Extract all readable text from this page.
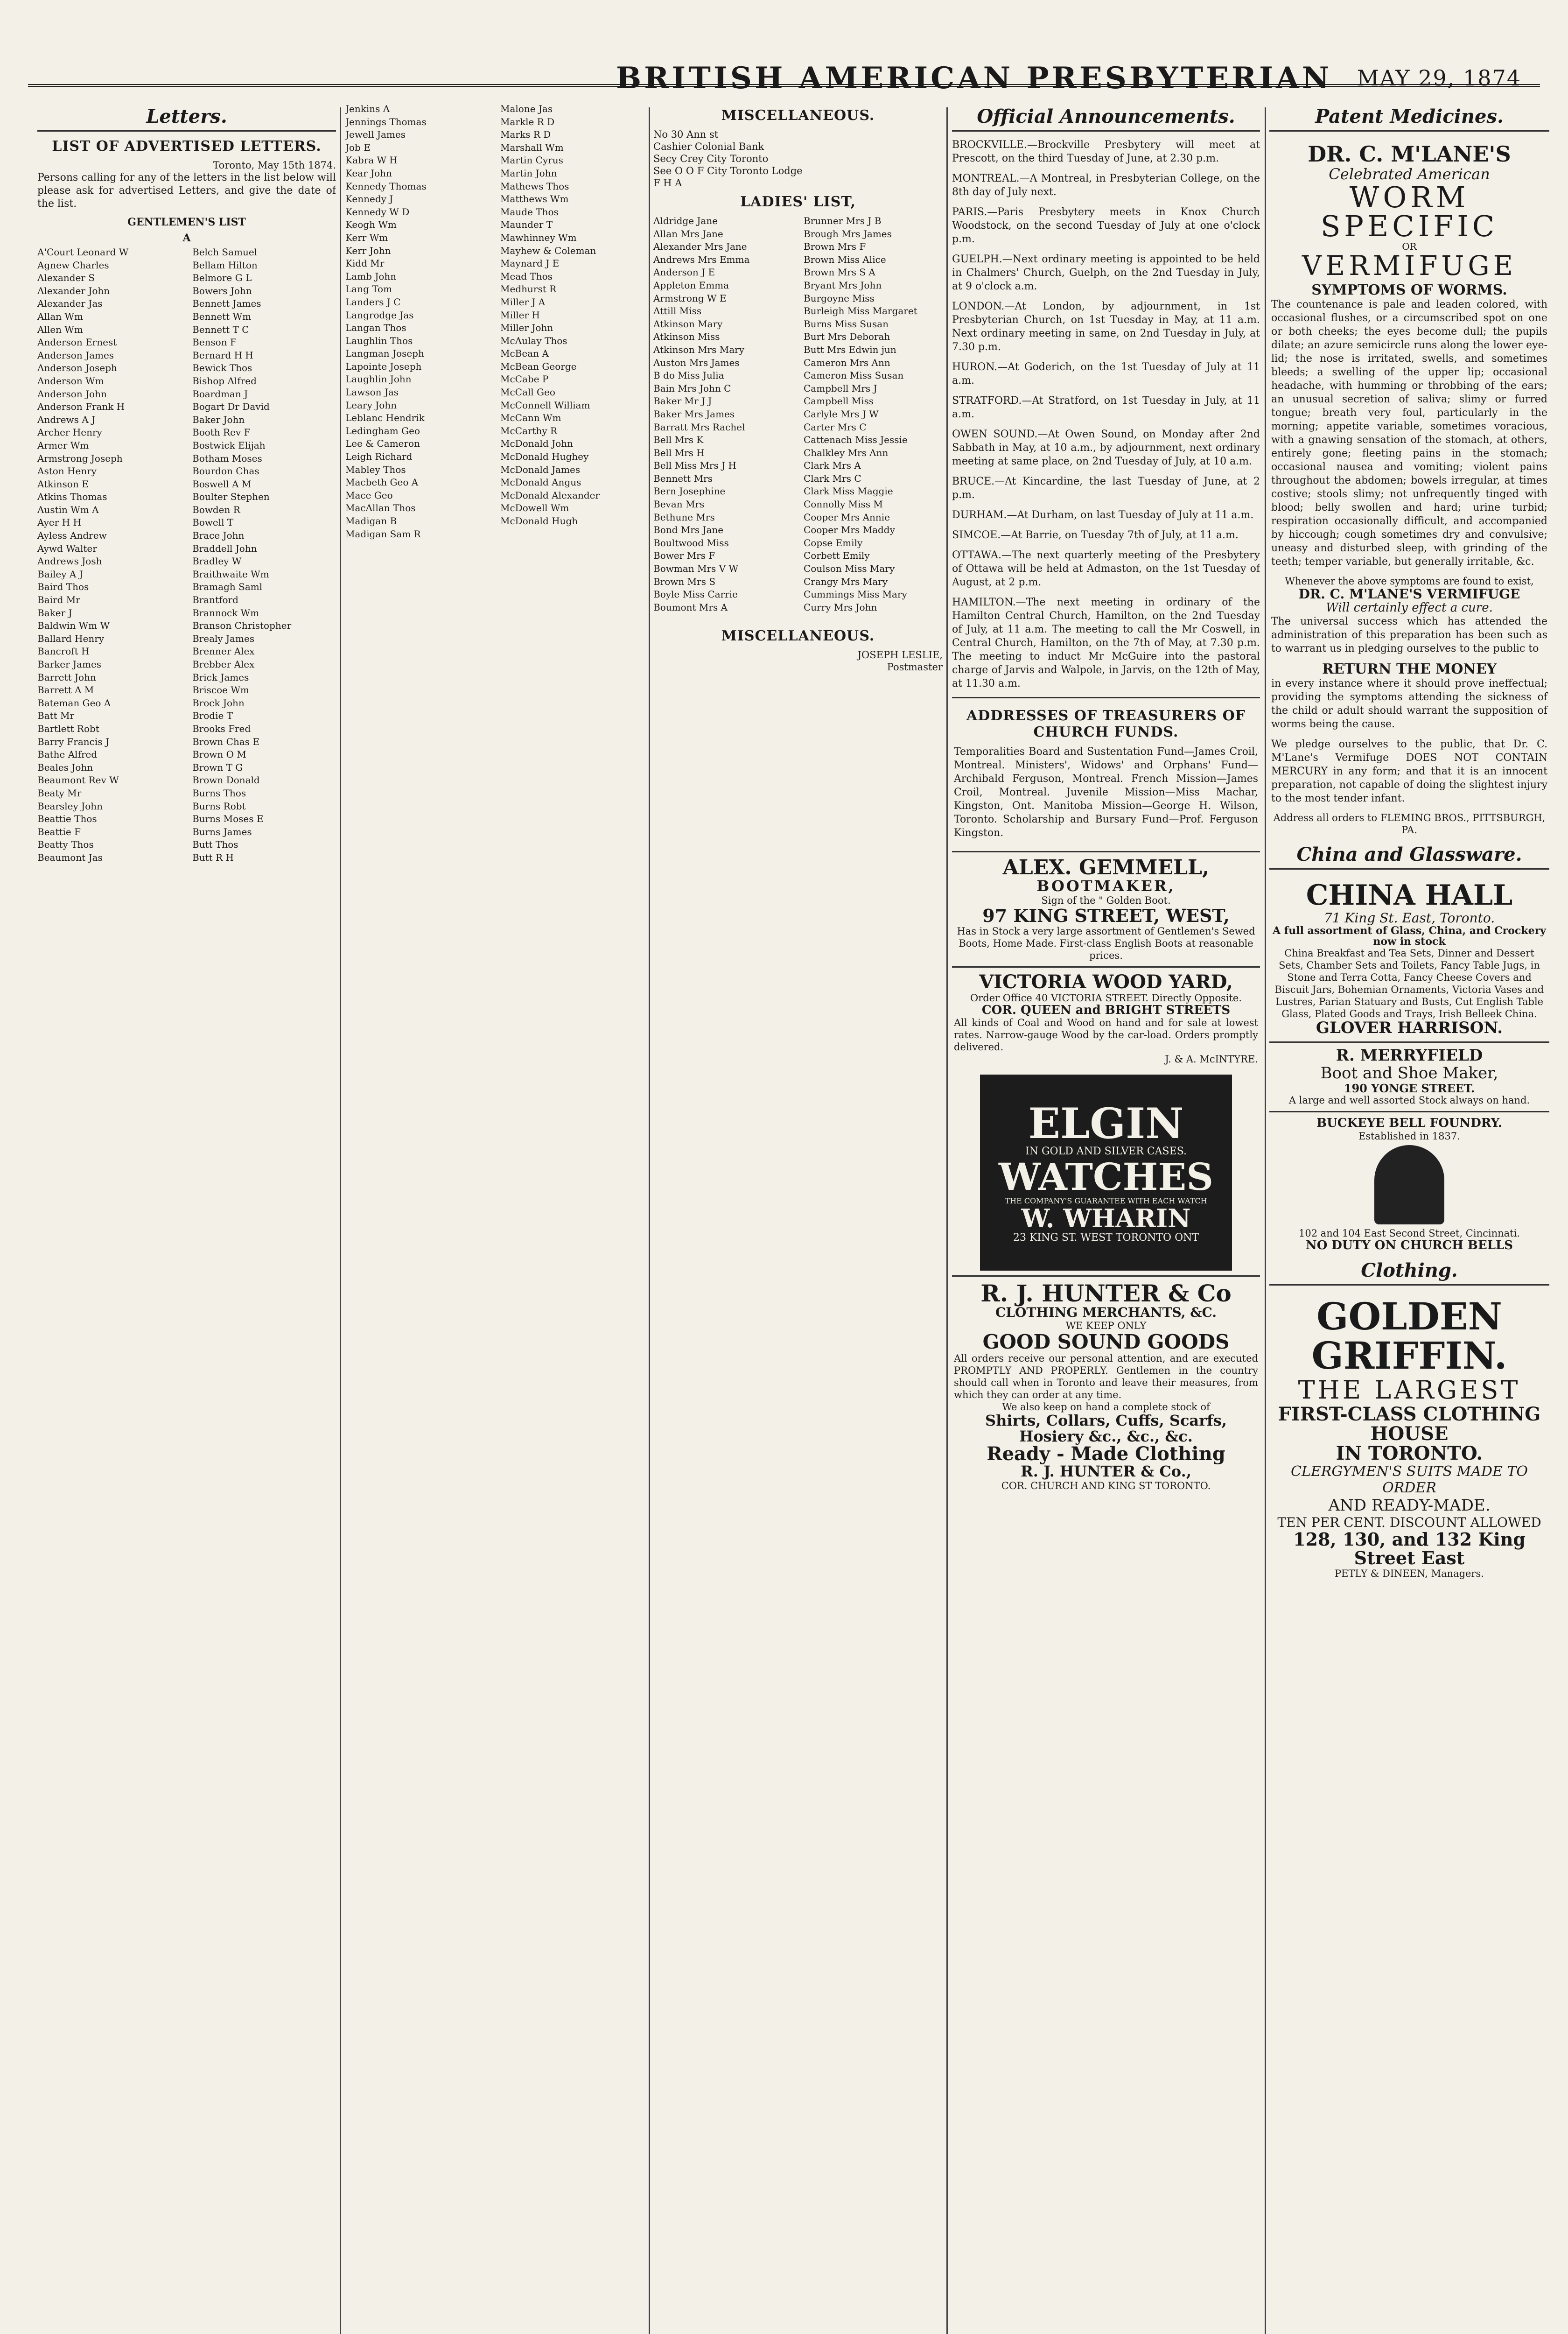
BRITISH AMERICAN PRESBYTERIAN MAY 29, 1874
Letters.
LIST OF ADVERTISED LETTERS.
Toronto, May 15th 1874.
Persons calling for any of the letters in the list below will please ask for advertised Letters, and give the date of the list.
GENTLEMEN'S LIST
A
A'Court Leonard W
Agnew Charles
Alexander S
Alexander John
Alexander Jas
Allan Wm
Allen Wm
Anderson Ernest
Anderson James
Anderson Joseph
Anderson Wm
Anderson John
Anderson Frank H
Andrews A J
Archer Henry
Armer Wm
Armstrong Joseph
Aston Henry
Atkinson E
Atkins Thomas
Austin Wm A
Ayer H H
Ayless Andrew
Aywd Walter
Andrews Josh
Bailey A J
Baird Thos
Baird Mr
Baker J
Baldwin Wm W
Ballard Henry
Bancroft H
Barker James
Barrett John
Barrett A M
Bateman Geo A
Batt Mr
Bartlett Robt
Barry Francis J
Bathe Alfred
Beales John
Beaumont Rev W
Beaty Mr
Bearsley John
Beattie Thos
Beattie F
Beatty Thos
Beaumont Jas
Belch Samuel
Bellam Hilton
Belmore G L
Bowers John
Bennett James
Bennett Wm
Bennett T C
Benson F
Bernard H H
Bewick Thos
Bishop Alfred
Boardman J
Bogart Dr David
Baker John
Booth Rev F
Bostwick Elijah
Botham Moses
Bourdon Chas
Boswell A M
Boulter Stephen
Bowden R
Bowell T
Brace John
Braddell John
Bradley W
Braithwaite Wm
Bramagh Saml
Brantford
Brannock Wm
Branson Christopher
Brealy James
Brenner Alex
Brebber Alex
Brick James
Briscoe Wm
Brock John
Brodie T
Brooks Fred
Brown Chas E
Brown O M
Brown T G
Brown Donald
Burns Thos
Burns Robt
Burns Moses E
Burns James
Butt Thos
Butt R H
Jenkins A
Jennings Thomas
Jewell James
Job E
Kabra W H
Kear John
Kennedy Thomas
Kennedy J
Kennedy W D
Keogh Wm
Kerr Wm
Kerr John
Kidd Mr
Lamb John
Lang Tom
Landers J C
Langrodge Jas
Langan Thos
Laughlin Thos
Langman Joseph
Lapointe Joseph
Laughlin John
Lawson Jas
Leary John
Leblanc Hendrik
Ledingham Geo
Lee & Cameron
Leigh Richard
Mabley Thos
Macbeth Geo A
Mace Geo
MacAllan Thos
Madigan B
Madigan Sam R
Malone Jas
Markle R D
Marks R D
Marshall Wm
Martin Cyrus
Martin John
Mathews Thos
Matthews Wm
Maude Thos
Maunder T
Mawhinney Wm
Mayhew & Coleman
Maynard J E
Mead Thos
Medhurst R
Miller J A
Miller H
Miller John
McAulay Thos
McBean A
McBean George
McCabe P
McCall Geo
McConnell William
McCann Wm
McCarthy R
McDonald John
McDonald Hughey
McDonald James
McDonald Angus
McDonald Alexander
McDowell Wm
McDonald Hugh
MISCELLANEOUS.
No 30 Ann st
Cashier Colonial Bank
Secy Crey City Toronto
See O O F City Toronto Lodge
F H A
LADIES' LIST,
Aldridge Jane
Allan Mrs Jane
Alexander Mrs Jane
Andrews Mrs Emma
Anderson J E
Appleton Emma
Armstrong W E
Attill Miss
Atkinson Mary
Atkinson Miss
Atkinson Mrs Mary
Auston Mrs James
B do Miss Julia
Bain Mrs John C
Baker Mr J J
Baker Mrs James
Barratt Mrs Rachel
Bell Mrs K
Bell Mrs H
Bell Miss Mrs J H
Bennett Mrs
Bern Josephine
Bevan Mrs
Bethune Mrs
Bond Mrs Jane
Boultwood Miss
Bower Mrs F
Bowman Mrs V W
Brown Mrs S
Boyle Miss Carrie
Boumont Mrs A
Brunner Mrs J B
Brough Mrs James
Brown Mrs F
Brown Miss Alice
Brown Mrs S A
Bryant Mrs John
Burgoyne Miss
Burleigh Miss Margaret
Burns Miss Susan
Burt Mrs Deborah
Butt Mrs Edwin jun
Cameron Mrs Ann
Cameron Miss Susan
Campbell Mrs J
Campbell Miss
Carlyle Mrs J W
Carter Mrs C
Cattenach Miss Jessie
Chalkley Mrs Ann
Clark Mrs A
Clark Mrs C
Clark Miss Maggie
Connolly Miss M
Cooper Mrs Annie
Cooper Mrs Maddy
Copse Emily
Corbett Emily
Coulson Miss Mary
Crangy Mrs Mary
Cummings Miss Mary
Curry Mrs John
MISCELLANEOUS.
JOSEPH LESLIE,
Postmaster
Official Announcements.
BROCKVILLE.—Brockville Presbytery will meet at Prescott, on the third Tuesday of June, at 2.30 p.m.
MONTREAL.—A Montreal, in Presbyterian College, on the 8th day of July next.
PARIS.—Paris Presbytery meets in Knox Church Woodstock, on the second Tuesday of July at one o'clock p.m.
GUELPH.—Next ordinary meeting is appointed to be held in Chalmers' Church, Guelph, on the 2nd Tuesday in July, at 9 o'clock a.m.
LONDON.—At London, by adjournment, in 1st Presbyterian Church, on 1st Tuesday in May, at 11 a.m. Next ordinary meeting in same, on 2nd Tuesday in July, at 7.30 p.m.
HURON.—At Goderich, on the 1st Tuesday of July at 11 a.m.
STRATFORD.—At Stratford, on 1st Tuesday in July, at 11 a.m.
OWEN SOUND.—At Owen Sound, on Monday after 2nd Sabbath in May, at 10 a.m., by adjournment, next ordinary meeting at same place, on 2nd Tuesday of July, at 10 a.m.
BRUCE.—At Kincardine, the last Tuesday of June, at 2 p.m.
DURHAM.—At Durham, on last Tuesday of July at 11 a.m.
SIMCOE.—At Barrie, on Tuesday 7th of July, at 11 a.m.
OTTAWA.—The next quarterly meeting of the Presbytery of Ottawa will be held at Admaston, on the 1st Tuesday of August, at 2 p.m.
HAMILTON.—The next meeting in ordinary of the Hamilton Central Church, Hamilton, on the 2nd Tuesday of July, at 11 a.m. The meeting to call the Mr Coswell, in Central Church, Hamilton, on the 7th of May, at 7.30 p.m. The meeting to induct Mr McGuire into the pastoral charge of Jarvis and Walpole, in Jarvis, on the 12th of May, at 11.30 a.m.
ADDRESSES OF TREASURERS OF CHURCH FUNDS.
Temporalities Board and Sustentation Fund—James Croil, Montreal. Ministers', Widows' and Orphans' Fund—Archibald Ferguson, Montreal. French Mission—James Croil, Montreal. Juvenile Mission—Miss Machar, Kingston, Ont. Manitoba Mission—George H. Wilson, Toronto. Scholarship and Bursary Fund—Prof. Ferguson Kingston.
ALEX. GEMMELL,
BOOTMAKER,
Sign of the " Golden Boot.
97 KING STREET, WEST,
Has in Stock a very large assortment of Gentlemen's Sewed Boots, Home Made. First-class English Boots at reasonable prices.
VICTORIA WOOD YARD,
Order Office 40 VICTORIA STREET. Directly Opposite.
COR. QUEEN and BRIGHT STREETS
All kinds of Coal and Wood on hand and for sale at lowest rates. Narrow-gauge Wood by the car-load. Orders promptly delivered.
J. & A. McINTYRE.
ELGIN
IN GOLD AND SILVER CASES.
WATCHES
THE COMPANY'S GUARANTEE WITH EACH WATCH
W. WHARIN
23 KING ST. WEST TORONTO ONT
R. J. HUNTER & Co
CLOTHING MERCHANTS, &C.
WE KEEP ONLY
GOOD SOUND GOODS
All orders receive our personal attention, and are executed PROMPTLY AND PROPERLY. Gentlemen in the country should call when in Toronto and leave their measures, from which they can order at any time.
We also keep on hand a complete stock of
Shirts, Collars, Cuffs, Scarfs, Hosiery &c., &c., &c.
Ready - Made Clothing
R. J. HUNTER & Co.,
COR. CHURCH AND KING ST TORONTO.
Patent Medicines.
DR. C. M'LANE'S
Celebrated American
WORM SPECIFIC
OR
VERMIFUGE
SYMPTOMS OF WORMS.
The countenance is pale and leaden colored, with occasional flushes, or a circumscribed spot on one or both cheeks; the eyes become dull; the pupils dilate; an azure semicircle runs along the lower eye-lid; the nose is irritated, swells, and sometimes bleeds; a swelling of the upper lip; occasional headache, with humming or throbbing of the ears; an unusual secretion of saliva; slimy or furred tongue; breath very foul, particularly in the morning; appetite variable, sometimes voracious, with a gnawing sensation of the stomach, at others, entirely gone; fleeting pains in the stomach; occasional nausea and vomiting; violent pains throughout the abdomen; bowels irregular, at times costive; stools slimy; not unfrequently tinged with blood; belly swollen and hard; urine turbid; respiration occasionally difficult, and accompanied by hiccough; cough sometimes dry and convulsive; uneasy and disturbed sleep, with grinding of the teeth; temper variable, but generally irritable, &c.
Whenever the above symptoms are found to exist,
DR. C. M'LANE'S VERMIFUGE
Will certainly effect a cure.
The universal success which has attended the administration of this preparation has been such as to warrant us in pledging ourselves to the public to
RETURN THE MONEY
in every instance where it should prove ineffectual; providing the symptoms attending the sickness of the child or adult should warrant the supposition of worms being the cause.
We pledge ourselves to the public, that Dr. C. M'Lane's Vermifuge DOES NOT CONTAIN MERCURY in any form; and that it is an innocent preparation, not capable of doing the slightest injury to the most tender infant.
Address all orders to FLEMING BROS., PITTSBURGH, PA.
China and Glassware.
CHINA HALL
71 King St. East, Toronto.
A full assortment of Glass, China, and Crockery now in stock
China Breakfast and Tea Sets, Dinner and Dessert Sets, Chamber Sets and Toilets, Fancy Table Jugs, in Stone and Terra Cotta, Fancy Cheese Covers and Biscuit Jars, Bohemian Ornaments, Victoria Vases and Lustres, Parian Statuary and Busts, Cut English Table Glass, Plated Goods and Trays, Irish Belleek China.
GLOVER HARRISON.
R. MERRYFIELD
Boot and Shoe Maker,
190 YONGE STREET.
A large and well assorted Stock always on hand.
BUCKEYE BELL FOUNDRY.
Established in 1837.
102 and 104 East Second Street, Cincinnati.
NO DUTY ON CHURCH BELLS
Clothing.
GOLDEN
GRIFFIN.
THE LARGEST
FIRST-CLASS CLOTHING HOUSE
IN TORONTO.
CLERGYMEN'S SUITS MADE TO ORDER
AND READY-MADE.
TEN PER CENT. DISCOUNT ALLOWED
128, 130, and 132 King Street East
PETLY & DINEEN, Managers.
